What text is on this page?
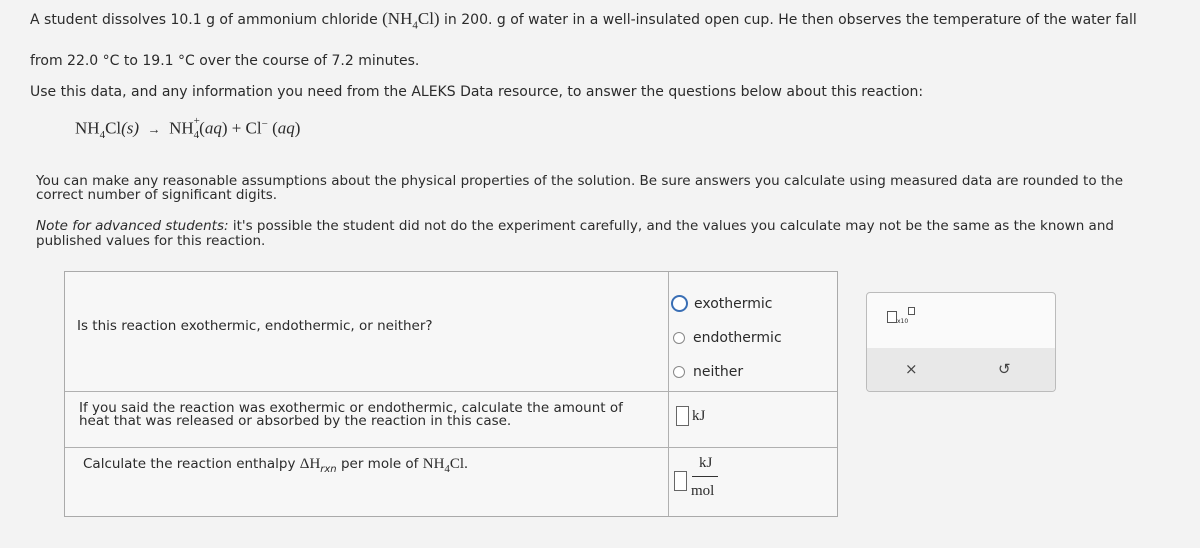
A student dissolves 10.1 g of ammonium chloride $(NH_4Cl)$ in 200. g of water in a well-insulated open cup. He then observes the temperature of the water fall
from 22.0 °C to 19.1 °C over the course of 7.2 minutes.
Use this data, and any information you need from the ALEKS Data resource, to answer the questions below about this reaction:
$NH_4Cl(s)$ →  NH $_{+ 4}$(aq) + Cl− (aq)
You can make any reasonable assumptions about the physical properties of the solution. Be sure answers you calculate using measured data are rounded to the
correct number of significant digits.
Note for advanced students: it's possible the student did not do the experiment carefully, and the values you calculate may not be the same as the known and
published values for this reaction.
Is this reaction exothermic, endothermic, or neither?
exothermic
endothermic
neither
If you said the reaction was exothermic or endothermic, calculate the amount of
heat that was released or absorbed by the reaction in this case.	kJ
Calculate the reaction enthalpy $\Delta H_{rxn}$ per mole of $NH_4Cl$.	kJ
mol
x10
×	↺
